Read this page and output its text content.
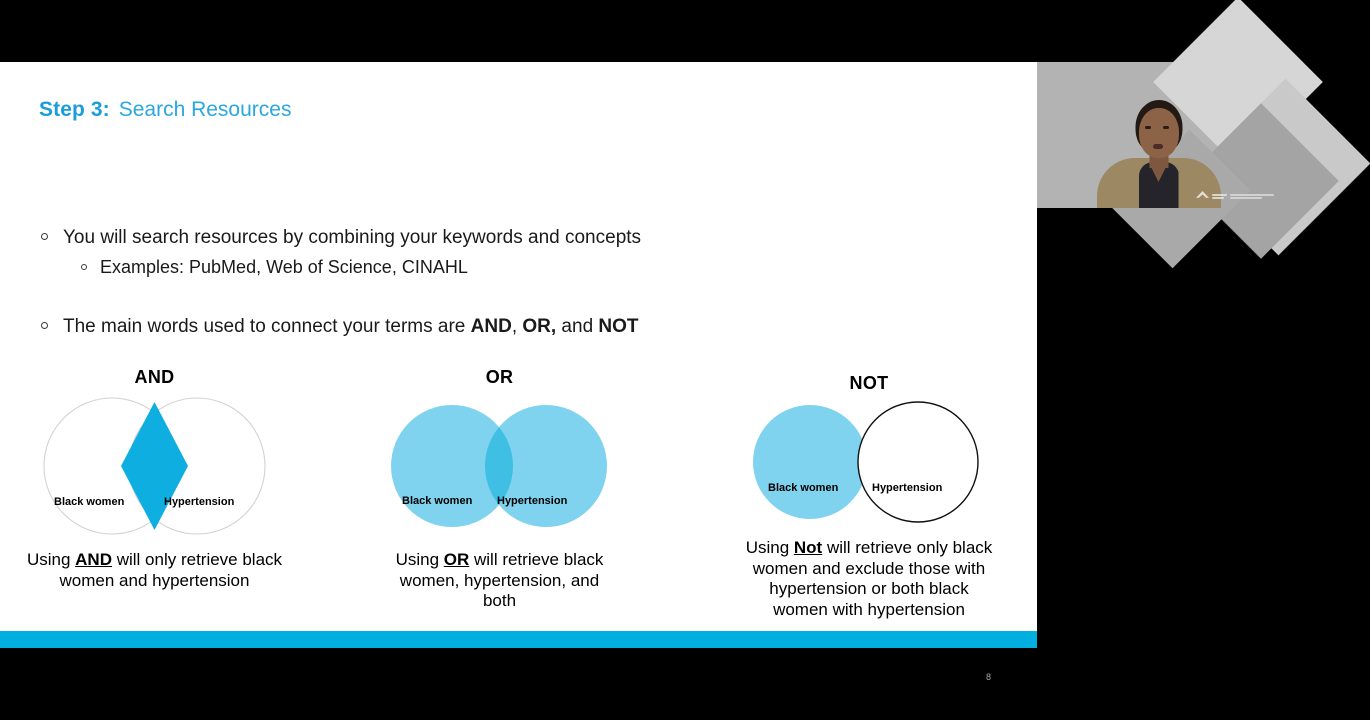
Step 3: Search Resources
You will search resources by combining your keywords and concepts
Examples: PubMed, Web of Science, CINAHL
The main words used to connect your terms are AND, OR, and NOT
AND
Black women	Hypertension
Using AND will only retrieve black women and hypertension
OR
Black women Hypertension
Using OR will retrieve black women, hypertension, and both
NOT
Black women	Hypertension
Using Not will retrieve only black women and exclude those with hypertension or both black women with hypertension
8
